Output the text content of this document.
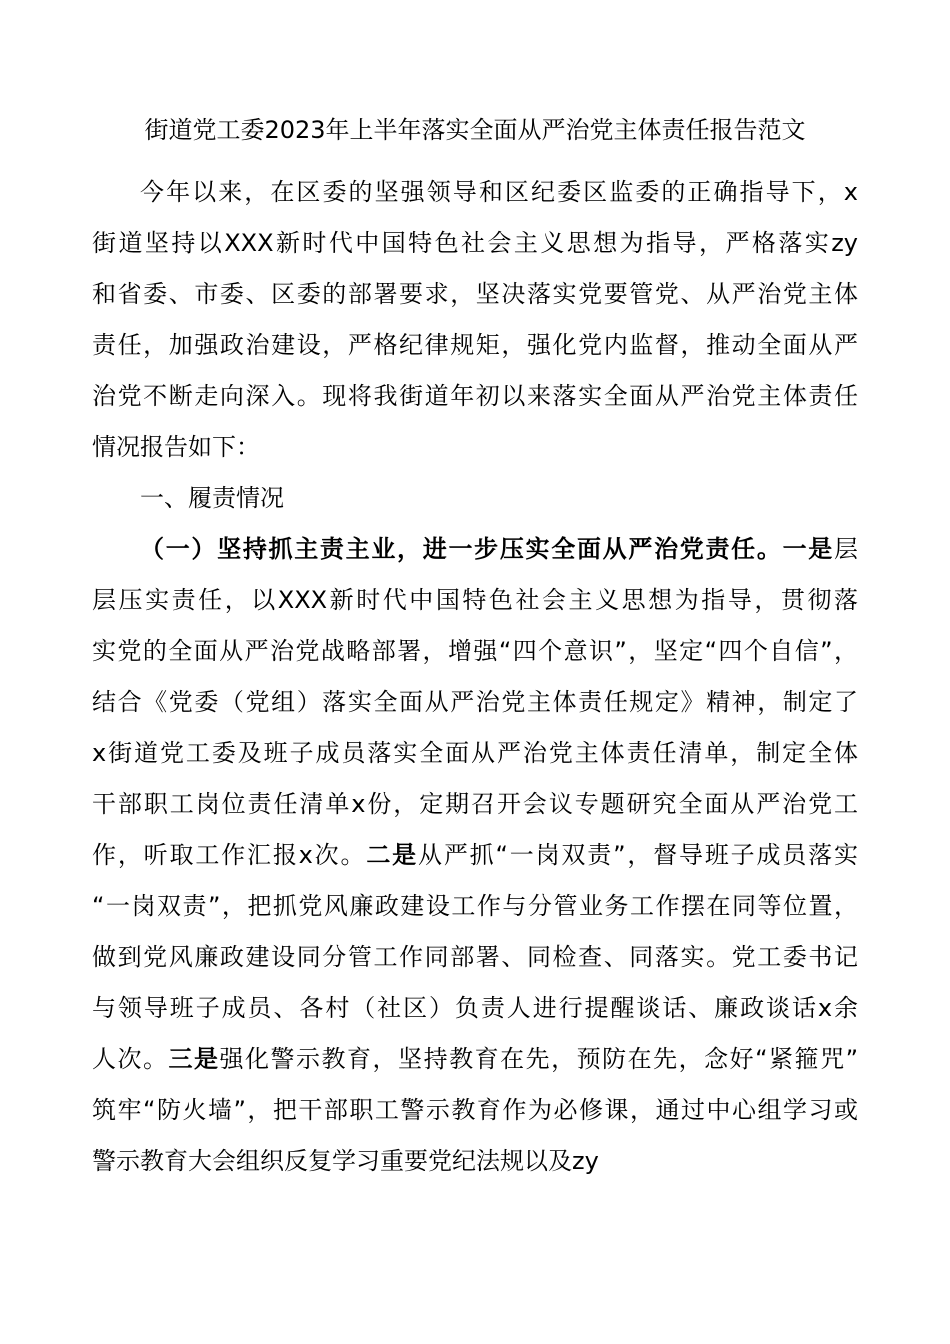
街道党工委2023年上半年落实全面从严治党主体责任报告范文
今年以来，在区委的坚强领导和区纪委区监委的正确指导下，x
街道坚持以XXX新时代中国特色社会主义思想为指导，严格落实zy
和省委、市委、区委的部署要求，坚决落实党要管党、从严治党主体
责任，加强政治建设，严格纪律规矩，强化党内监督，推动全面从严
治党不断走向深入。现将我街道年初以来落实全面从严治党主体责任
情况报告如下：
一、履责情况
（一）坚持抓主责主业，进一步压实全面从严治党责任。一是层
层压实责任，以XXX新时代中国特色社会主义思想为指导，贯彻落
实党的全面从严治党战略部署，增强“四个意识”，坚定“四个自信”，
结合《党委（党组）落实全面从严治党主体责任规定》精神，制定了
x街道党工委及班子成员落实全面从严治党主体责任清单，制定全体
干部职工岗位责任清单x份，定期召开会议专题研究全面从严治党工
作，听取工作汇报x次。二是从严抓“一岗双责”，督导班子成员落实
“一岗双责”，把抓党风廉政建设工作与分管业务工作摆在同等位置，
做到党风廉政建设同分管工作同部署、同检查、同落实。党工委书记
与领导班子成员、各村（社区）负责人进行提醒谈话、廉政谈话x余
人次。三是强化警示教育，坚持教育在先，预防在先，念好“紧箍咒”
筑牢“防火墙”，把干部职工警示教育作为必修课，通过中心组学习或
警示教育大会组织反复学习重要党纪法规以及zy
